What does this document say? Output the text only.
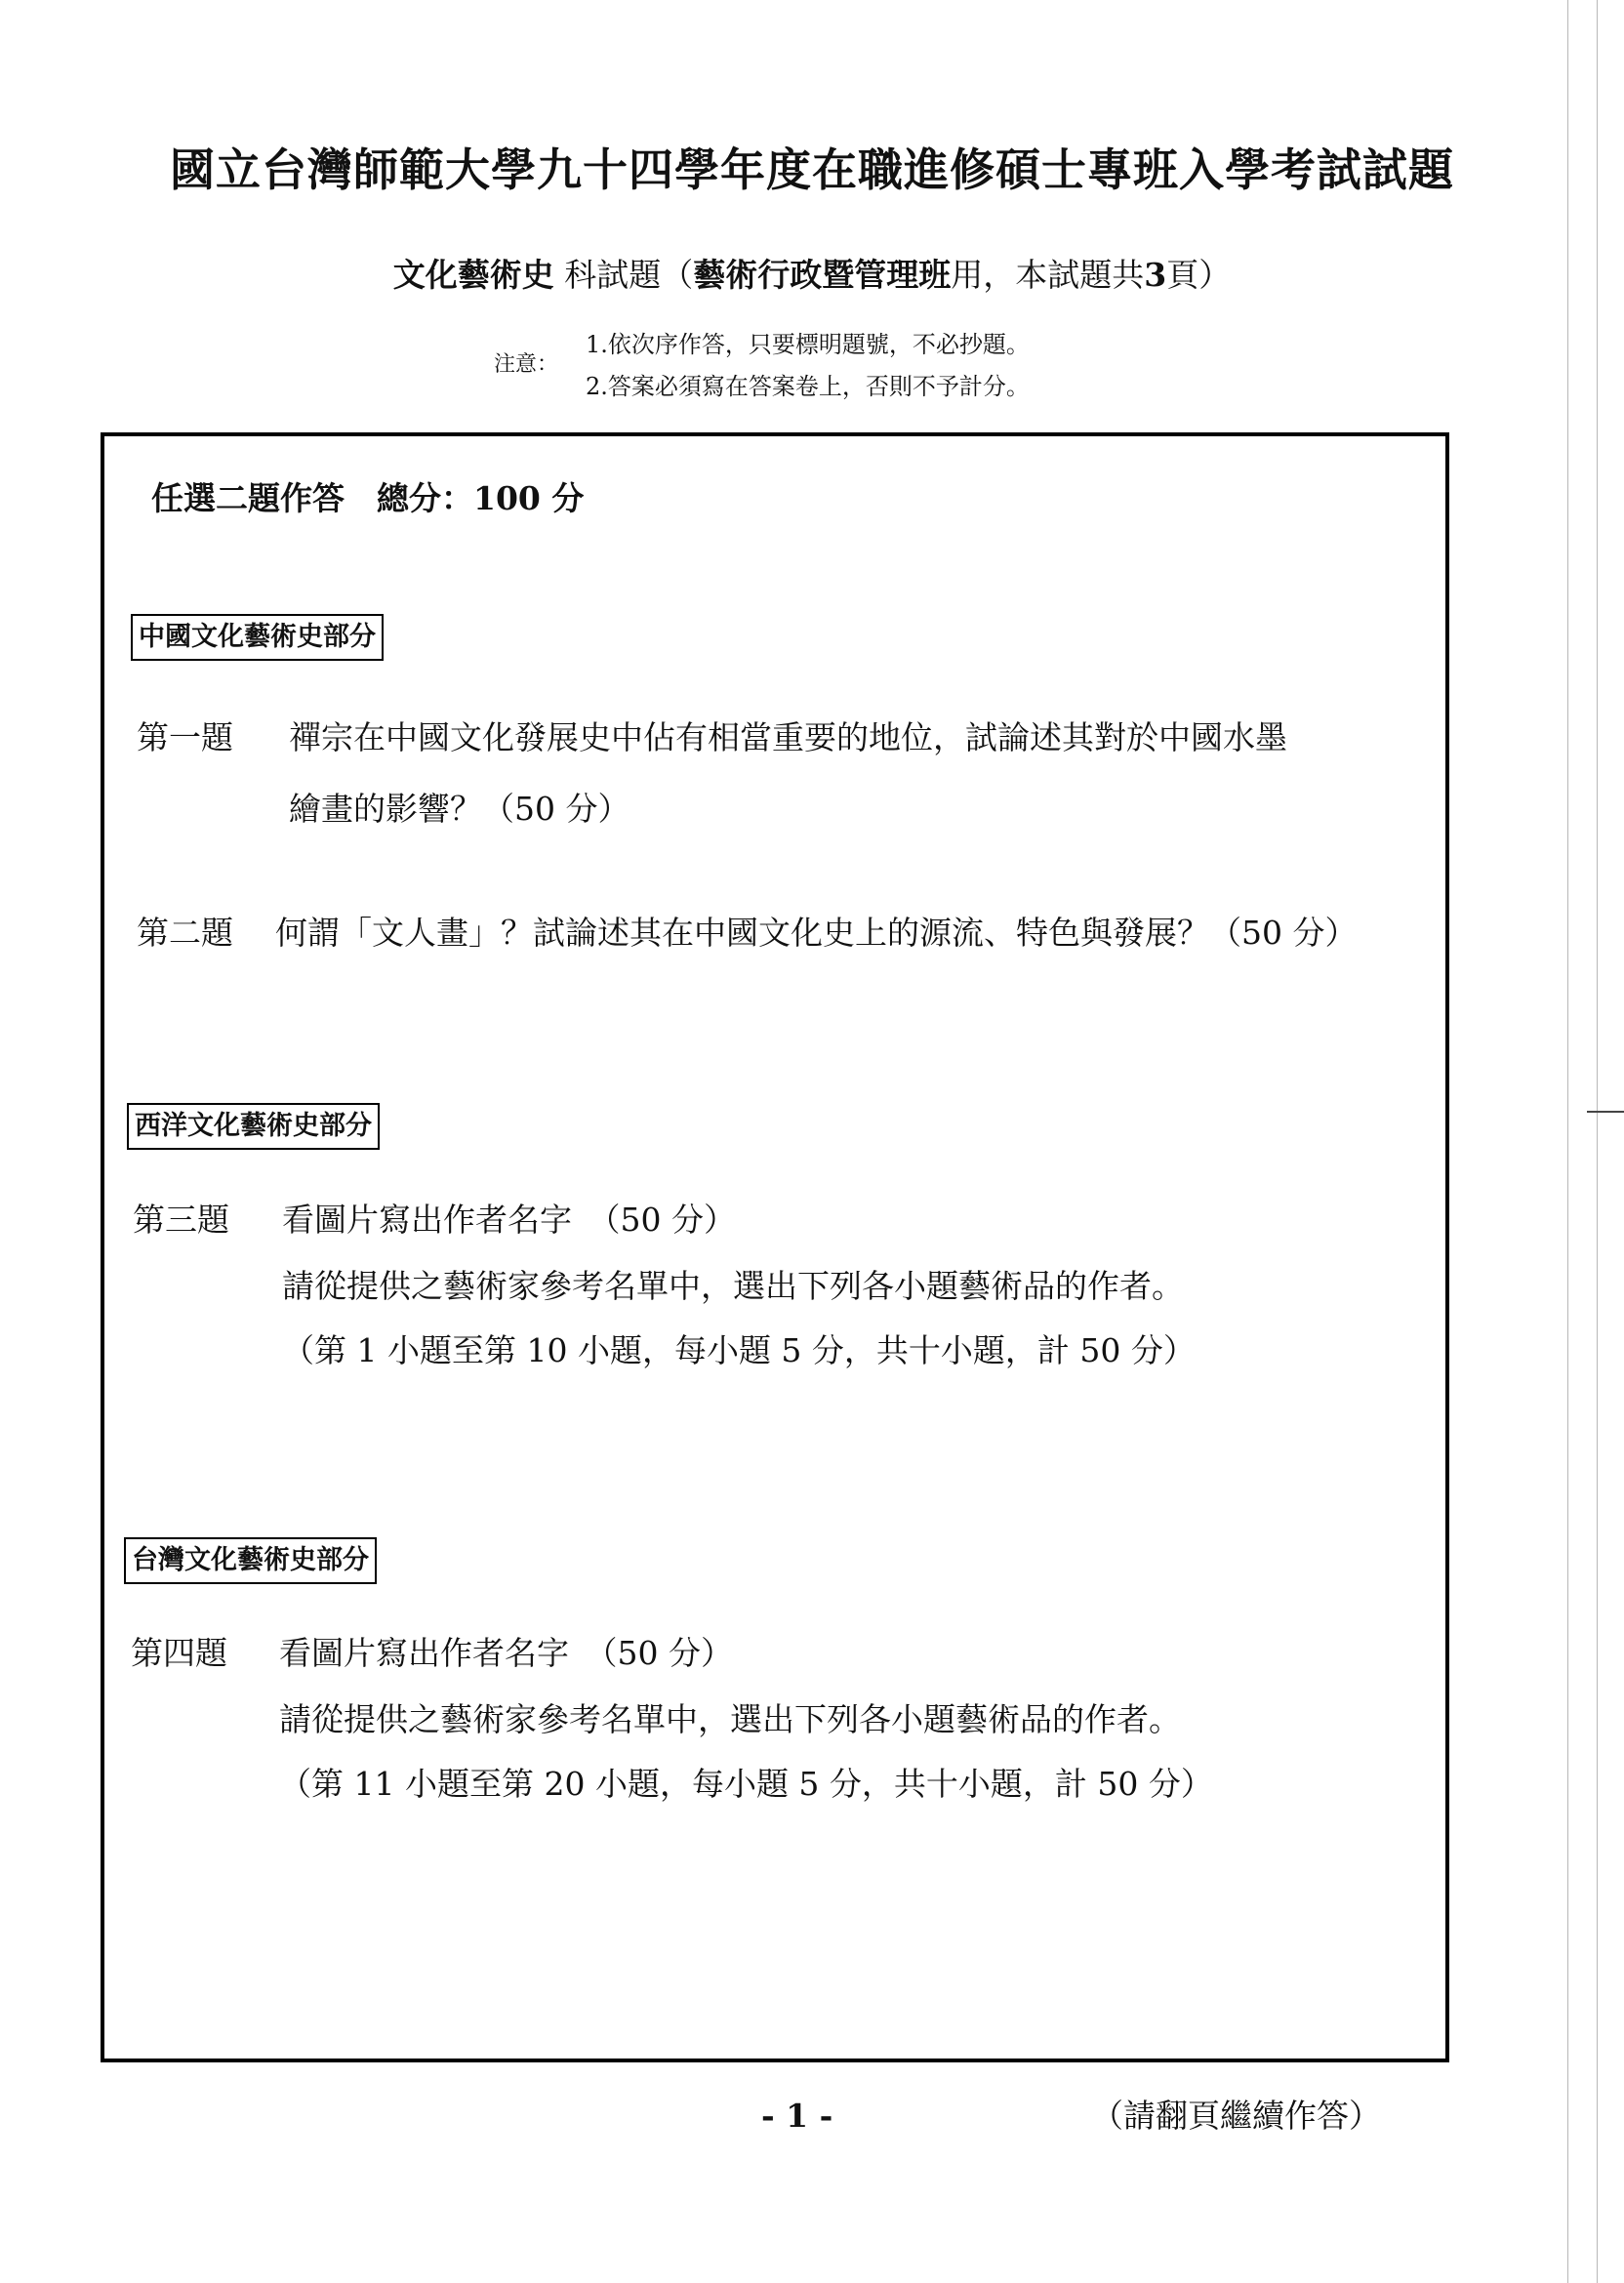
國立台灣師範大學九十四學年度在職進修碩士專班入學考試試題
文化藝術史 科試題（藝術行政暨管理班用，本試題共3頁）
注意：
1.依次序作答，只要標明題號，不必抄題。
2.答案必須寫在答案卷上，否則不予計分。
任選二題作答　總分：100 分
中國文化藝術史部分
第一題 禪宗在中國文化發展史中佔有相當重要的地位，試論述其對於中國水墨
繪畫的影響？（50 分）
第二題 何謂「文人畫」？試論述其在中國文化史上的源流、特色與發展？（50 分）
西洋文化藝術史部分
第三題 看圖片寫出作者名字　（50 分）
請從提供之藝術家參考名單中，選出下列各小題藝術品的作者。
（第 1 小題至第 10 小題，每小題 5 分，共十小題，計 50 分）
台灣文化藝術史部分
第四題 看圖片寫出作者名字　（50 分）
請從提供之藝術家參考名單中，選出下列各小題藝術品的作者。
（第 11 小題至第 20 小題，每小題 5 分，共十小題，計 50 分）
- 1 -	（請翻頁繼續作答）
